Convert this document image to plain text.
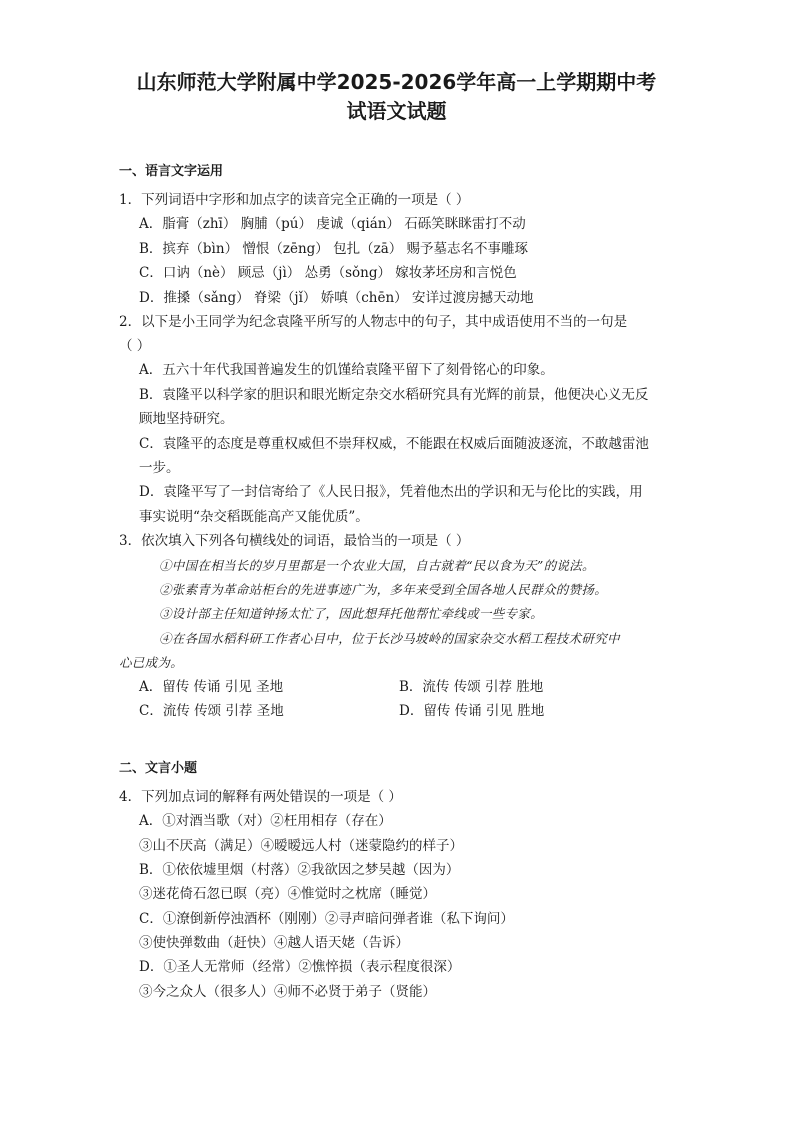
山东师范大学附属中学2025-2026学年高一上学期期中考
试语文试题
一、语言文字运用
1．下列词语中字形和加点字的读音完全正确的一项是（ ）
A．脂膏（zhī） 胸脯（pú） 虔诚（qián） 石砾笑眯眯雷打不动
B．摈弃（bìn） 憎恨（zēng） 包扎（zā） 赐予墓志名不事雕琢
C．口讷（nè） 顾忌（jì） 怂勇（sǒng） 嫁妆茅坯房和言悦色
D．推搡（sǎng） 脊梁（jǐ） 娇嗔（chēn） 安详过渡房撼天动地
2．以下是小王同学为纪念袁隆平所写的人物志中的句子，其中成语使用不当的一句是
（ ）
A．五六十年代我国普遍发生的饥馑给袁隆平留下了刻骨铭心的印象。
B．袁隆平以科学家的胆识和眼光断定杂交水稻研究具有光辉的前景，他便决心义无反
顾地坚持研究。
C．袁隆平的态度是尊重权威但不崇拜权威，不能跟在权威后面随波逐流，不敢越雷池
一步。
D．袁隆平写了一封信寄给了《人民日报》，凭着他杰出的学识和无与伦比的实践，用
事实说明“杂交稻既能高产又能优质”。
3．依次填入下列各句横线处的词语，最恰当的一项是（ ）
①中国在相当长的岁月里都是一个农业大国，自古就着“民以食为天”的说法。
②张素青为革命站柜台的先进事迹广为，多年来受到全国各地人民群众的赞扬。
③设计部主任知道钟扬太忙了，因此想拜托他帮忙牵线或一些专家。
④在各国水稻科研工作者心目中，位于长沙马坡岭的国家杂交水稻工程技术研究中
心已成为。
A．留传 传诵 引见 圣地	B．流传 传颂 引荐 胜地
C．流传 传颂 引荐 圣地	D．留传 传诵 引见 胜地
二、文言小题
4．下列加点词的解释有两处错误的一项是（ ）
A．①对酒当歌（对）②枉用相存（存在）
③山不厌高（满足）④暧暧远人村（迷蒙隐约的样子）
B．①依依墟里烟（村落）②我欲因之梦吴越（因为）
③迷花倚石忽已暝（亮）④惟觉时之枕席（睡觉）
C．①潦倒新停浊酒杯（刚刚）②寻声暗问弹者谁（私下询问）
③使快弹数曲（赶快）④越人语天姥（告诉）
D．①圣人无常师（经常）②憔悴损（表示程度很深）
③今之众人（很多人）④师不必贤于弟子（贤能）
